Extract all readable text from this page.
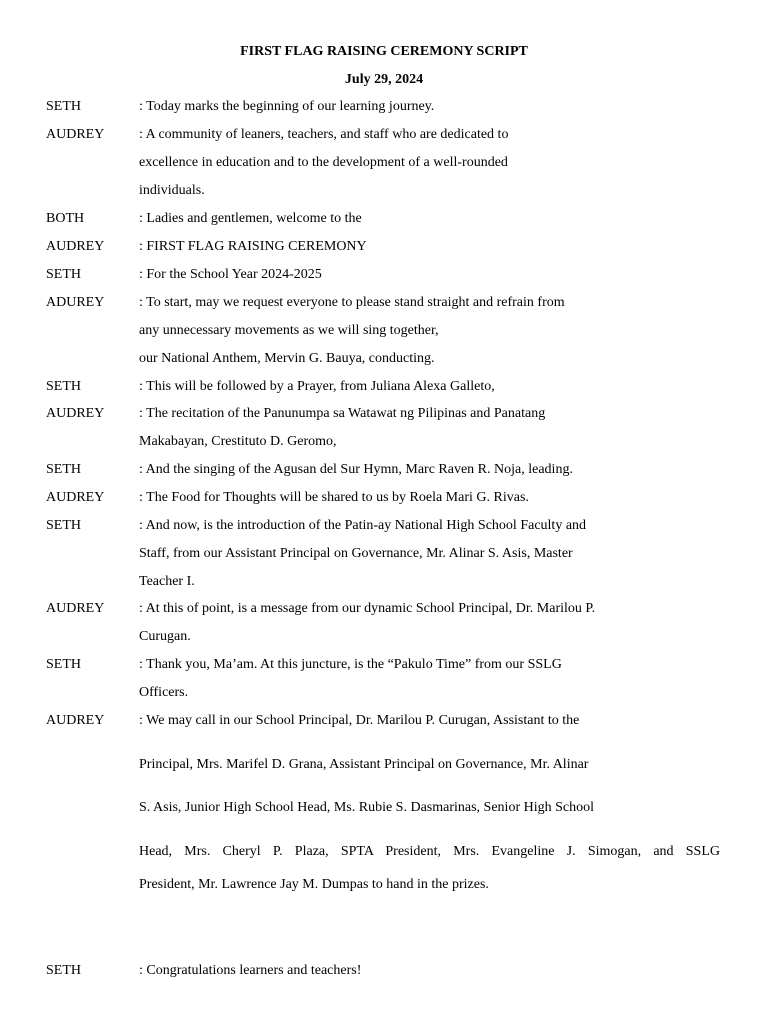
FIRST FLAG RAISING CEREMONY SCRIPT
July 29, 2024
SETH	: Today marks the beginning of our learning journey.
AUDREY : A community of leaners, teachers, and staff who are dedicated to
excellence in education and to the development of a well-rounded
individuals.
BOTH	: Ladies and gentlemen, welcome to the
AUDREY : FIRST FLAG RAISING CEREMONY
SETH	: For the School Year 2024-2025
ADUREY : To start, may we request everyone to please stand straight and refrain from
any unnecessary movements as we will sing together,
our National Anthem, Mervin G. Bauya, conducting.
SETH	: This will be followed by a Prayer, from Juliana Alexa Galleto,
AUDREY : The recitation of the Panunumpa sa Watawat ng Pilipinas and Panatang
Makabayan, Crestituto D. Geromo,
SETH	: And the singing of the Agusan del Sur Hymn, Marc Raven R. Noja, leading.
AUDREY : The Food for Thoughts will be shared to us by Roela Mari G. Rivas.
SETH	: And now, is the introduction of the Patin-ay National High School Faculty and
Staff, from our Assistant Principal on Governance, Mr. Alinar S. Asis, Master
Teacher I.
AUDREY : At this of point, is a message from our dynamic School Principal, Dr. Marilou P.
Curugan.
SETH	: Thank you, Ma’am. At this juncture, is the “Pakulo Time” from our SSLG
Officers.
AUDREY : We may call in our School Principal, Dr. Marilou P. Curugan, Assistant to the
Principal, Mrs. Marifel D. Grana, Assistant Principal on Governance, Mr. Alinar
S. Asis, Junior High School Head, Ms. Rubie S. Dasmarinas, Senior High School
Head, Mrs. Cheryl P. Plaza, SPTA President, Mrs. Evangeline J. Simogan, and SSLG
President, Mr. Lawrence Jay M. Dumpas to hand in the prizes.
SETH	: Congratulations learners and teachers!
